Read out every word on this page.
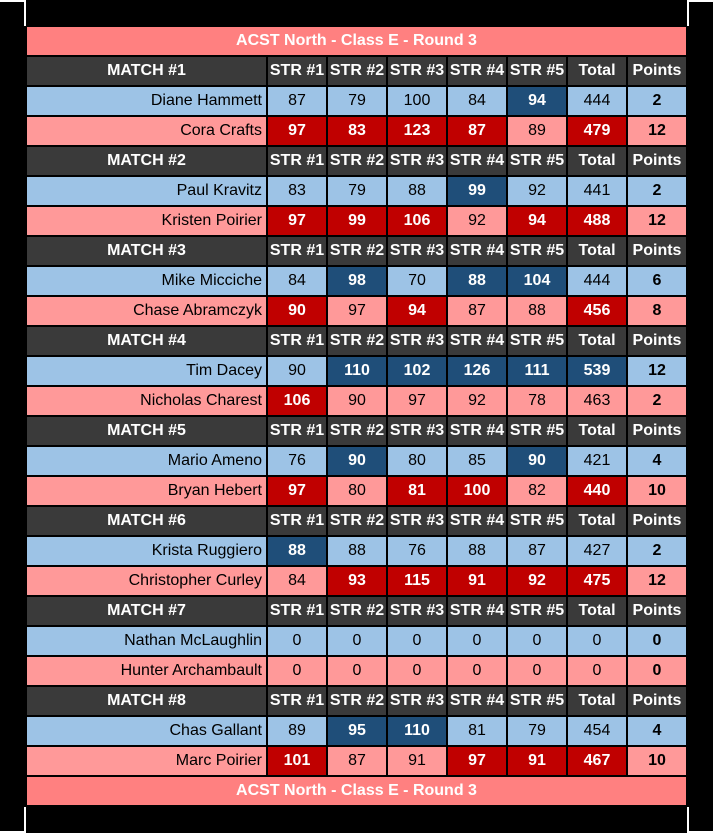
ACST North - Class E - Round 3
MATCH #1	STR #1 STR #2 STR #3 STR #4 STR #5 Total	Points
Diane Hammett	87	79	100	84	94	444	2
Cora Crafts	97	83	123	87	89	479	12
MATCH #2	STR #1 STR #2 STR #3 STR #4 STR #5 Total	Points
Paul Kravitz	83	79	88	99	92	441	2
Kristen Poirier	97	99	106	92	94	488	12
MATCH #3	STR #1 STR #2 STR #3 STR #4 STR #5 Total	Points
Mike Micciche	84	98	70	88	104	444	6
Chase Abramczyk	90	97	94	87	88	456	8
MATCH #4	STR #1 STR #2 STR #3 STR #4 STR #5 Total	Points
Tim Dacey	90	110	102	126	111	539	12
Nicholas Charest	106	90	97	92	78	463	2
MATCH #5	STR #1 STR #2 STR #3 STR #4 STR #5 Total	Points
Mario Ameno	76	90	80	85	90	421	4
Bryan Hebert	97	80	81	100	82	440	10
MATCH #6	STR #1 STR #2 STR #3 STR #4 STR #5 Total	Points
Krista Ruggiero	88	88	76	88	87	427	2
Christopher Curley	84	93	115	91	92	475	12
MATCH #7	STR #1 STR #2 STR #3 STR #4 STR #5 Total	Points
Nathan McLaughlin	0	0	0	0	0	0	0
Hunter Archambault	0	0	0	0	0	0	0
MATCH #8	STR #1 STR #2 STR #3 STR #4 STR #5 Total	Points
Chas Gallant	89	95	110	81	79	454	4
Marc Poirier	101	87	91	97	91	467	10
ACST North - Class E - Round 3
